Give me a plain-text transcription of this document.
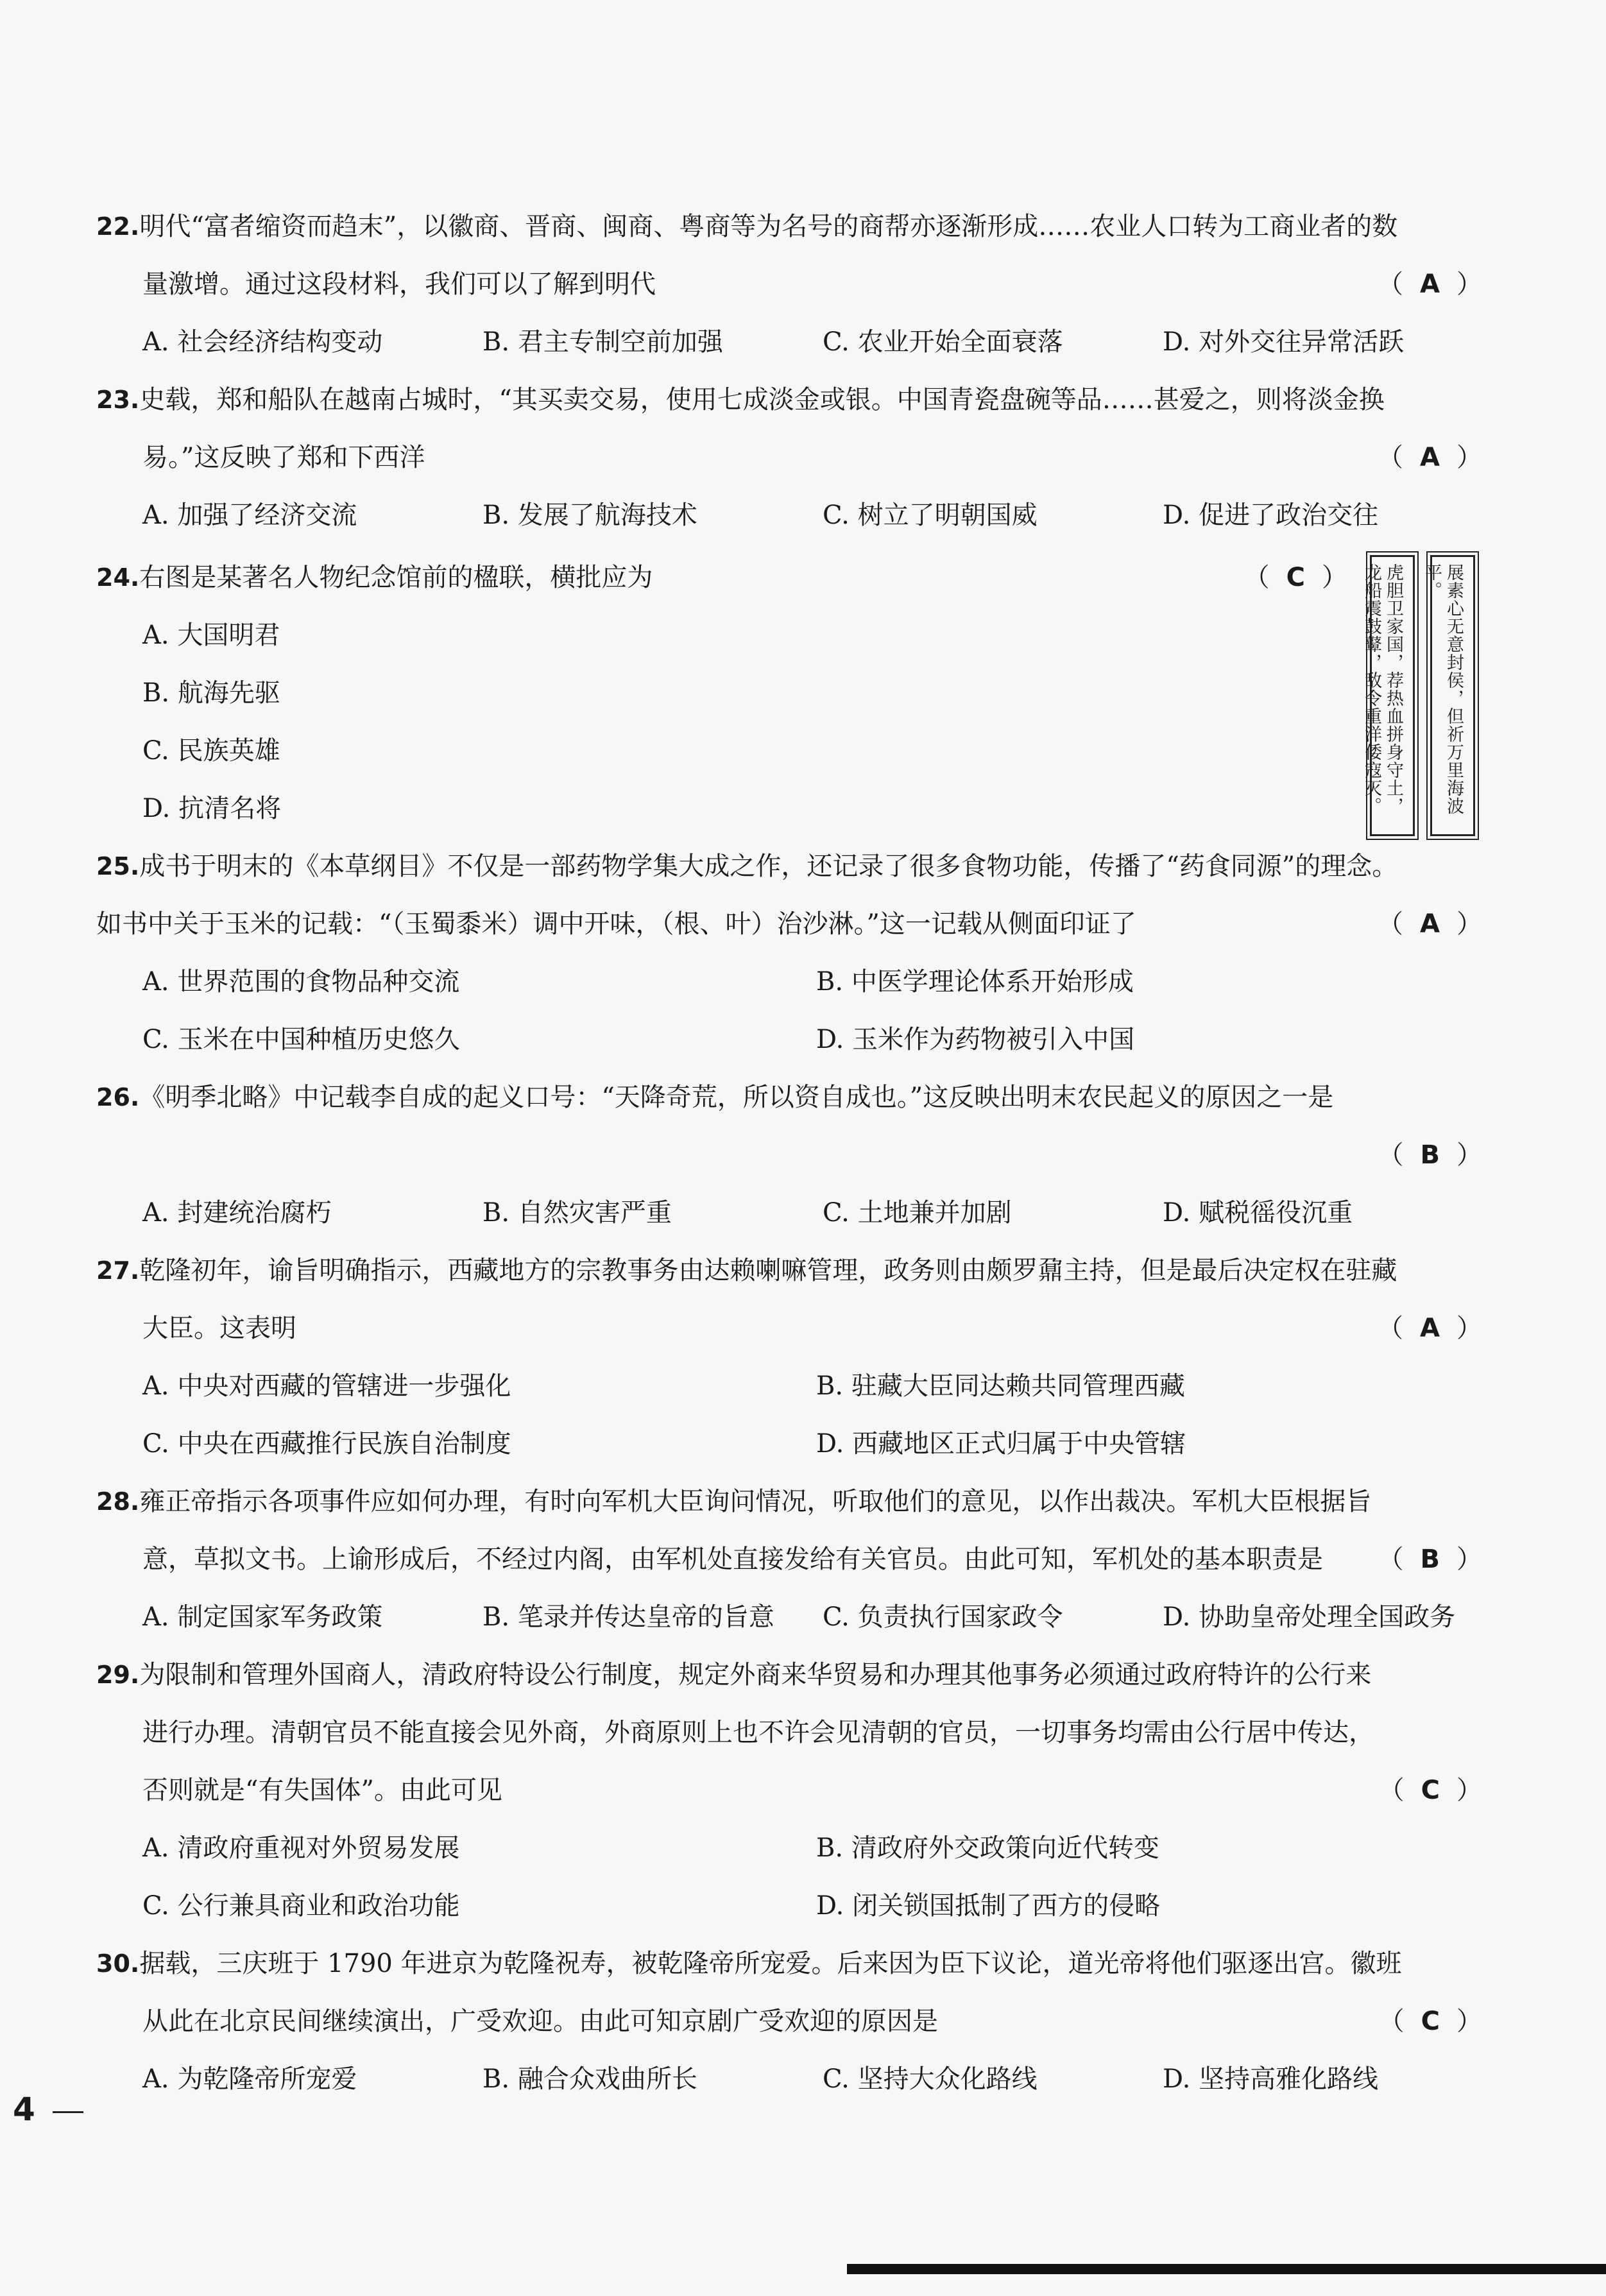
22.明代“富者缩资而趋末”，以徽商、晋商、闽商、粤商等为名号的商帮亦逐渐形成……农业人口转为工商业者的数
量激增。通过这段材料，我们可以了解到明代	（ A ）
A. 社会经济结构变动	B. 君主专制空前加强	C. 农业开始全面衰落	D. 对外交往异常活跃
23.史载，郑和船队在越南占城时，“其买卖交易，使用七成淡金或银。中国青瓷盘碗等品……甚爱之，则将淡金换
易。”这反映了郑和下西洋	（ A ）
A. 加强了经济交流	B. 发展了航海技术	C. 树立了明朝国威	D. 促进了政治交往
24.右图是某著名人物纪念馆前的楹联，横批应为	（ C ）
A. 大国明君
B. 航海先驱
C. 民族英雄
D. 抗清名将	展素心无意封侯，但祈万里海波平。
虎胆卫家国，荐热血拼身守土，龙船震鼓鼙，敌令重洋倭寇灭。
25.成书于明末的《本草纲目》不仅是一部药物学集大成之作，还记录了很多食物功能，传播了“药食同源”的理念。
如书中关于玉米的记载：“（玉蜀黍米）调中开味，（根、叶）治沙淋。”这一记载从侧面印证了	（ A ）
A. 世界范围的食物品种交流	B. 中医学理论体系开始形成
C. 玉米在中国种植历史悠久	D. 玉米作为药物被引入中国
26.《明季北略》中记载李自成的起义口号：“天降奇荒，所以资自成也。”这反映出明末农民起义的原因之一是
（ B ）
A. 封建统治腐朽	B. 自然灾害严重	C. 土地兼并加剧	D. 赋税徭役沉重
27.乾隆初年，谕旨明确指示，西藏地方的宗教事务由达赖喇嘛管理，政务则由颇罗鼐主持，但是最后决定权在驻藏
大臣。这表明	（ A ）
A. 中央对西藏的管辖进一步强化	B. 驻藏大臣同达赖共同管理西藏
C. 中央在西藏推行民族自治制度	D. 西藏地区正式归属于中央管辖
28.雍正帝指示各项事件应如何办理，有时向军机大臣询问情况，听取他们的意见，以作出裁决。军机大臣根据旨
意，草拟文书。上谕形成后，不经过内阁，由军机处直接发给有关官员。由此可知，军机处的基本职责是 （ B ）
A. 制定国家军务政策	B. 笔录并传达皇帝的旨意	C. 负责执行国家政令	D. 协助皇帝处理全国政务
29.为限制和管理外国商人，清政府特设公行制度，规定外商来华贸易和办理其他事务必须通过政府特许的公行来
进行办理。清朝官员不能直接会见外商，外商原则上也不许会见清朝的官员，一切事务均需由公行居中传达，
否则就是“有失国体”。由此可见	（ C ）
A. 清政府重视对外贸易发展	B. 清政府外交政策向近代转变
C. 公行兼具商业和政治功能	D. 闭关锁国抵制了西方的侵略
30.据载，三庆班于 1790 年进京为乾隆祝寿，被乾隆帝所宠爱。后来因为臣下议论，道光帝将他们驱逐出宫。徽班
从此在北京民间继续演出，广受欢迎。由此可知京剧广受欢迎的原因是	（ C ）
A. 为乾隆帝所宠爱	B. 融合众戏曲所长	C. 坚持大众化路线	D. 坚持高雅化路线
4
